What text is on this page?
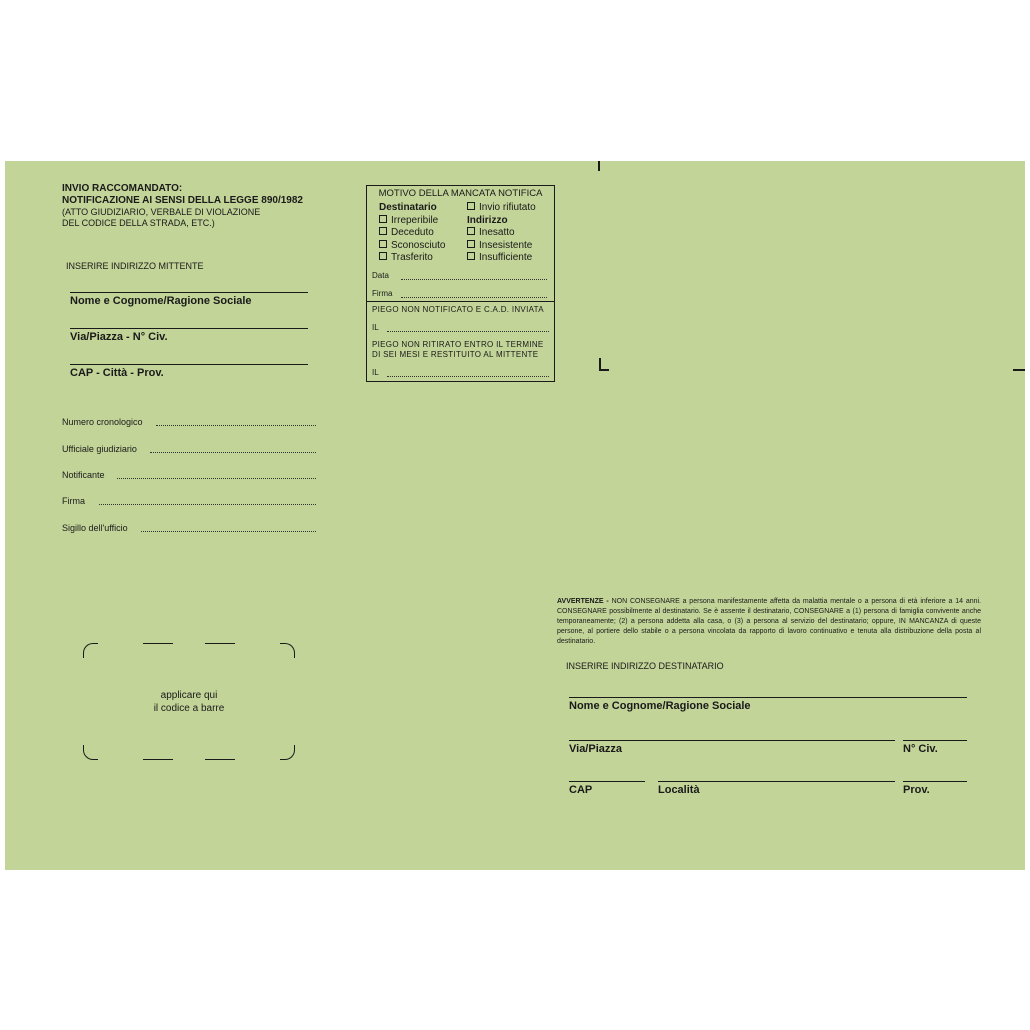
INVIO RACCOMANDATO:
NOTIFICAZIONE AI SENSI DELLA LEGGE 890/1982
(ATTO GIUDIZIARIO, VERBALE DI VIOLAZIONE
DEL CODICE DELLA STRADA, ETC.)
INSERIRE INDIRIZZO MITTENTE
Nome e Cognome/Ragione Sociale
Via/Piazza - N° Civ.
CAP - Città - Prov.
Numero cronologico
Ufficiale giudiziario
Notificante
Firma
Sigillo dell'ufficio
MOTIVO DELLA MANCATA NOTIFICA
Destinatario
Irreperibile
Deceduto
Sconosciuto
Trasferito
Invio rifiutato
Indirizzo
Inesatto
Insesistente
Insufficiente
Data
Firma
PIEGO NON NOTIFICATO E C.A.D. INVIATA
IL
PIEGO NON RITIRATO ENTRO IL TERMINE
DI SEI MESI E RESTITUITO AL MITTENTE
IL
applicare qui
il codice a barre
AVVERTENZE - NON CONSEGNARE a persona manifestamente affetta da malattia mentale o a persona di età inferiore a 14 anni. CONSEGNARE possibilmente al destinatario. Se è assente il destinatario, CONSEGNARE a (1) persona di famiglia convivente anche temporaneamente; (2) a persona addetta alla casa, o (3) a persona al servizio del destinatario; oppure, IN MANCANZA di queste persone, al portiere dello stabile o a persona vincolata da rapporto di lavoro continuativo e tenuta alla distribuzione della posta al destinatario.
INSERIRE INDIRIZZO DESTINATARIO
Nome e Cognome/Ragione Sociale
Via/Piazza	N° Civ.
CAP	Località	Prov.
